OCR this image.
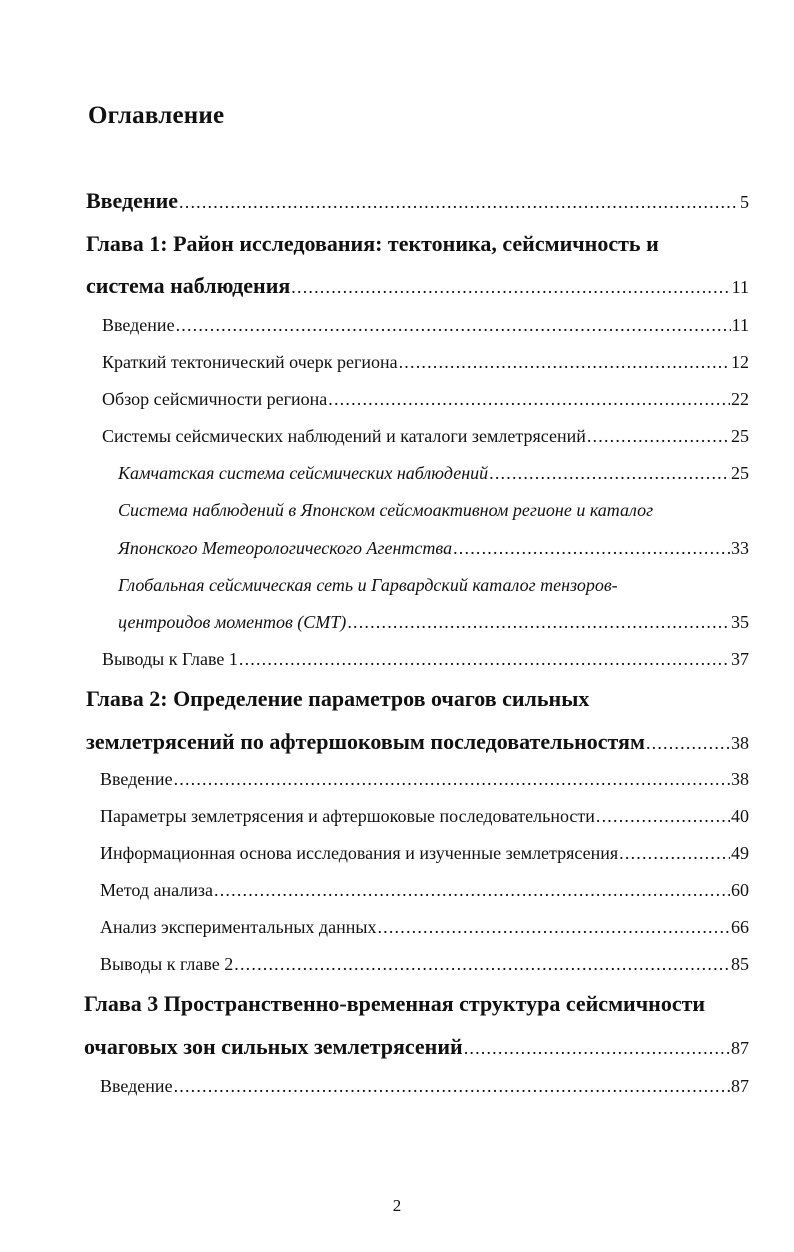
Оглавление
Введение .....	5
Глава 1: Район исследования: тектоника, сейсмичность и
система наблюдения .....	11
Введение .....	11
Краткий тектонический очерк региона .....	12
Обзор сейсмичности региона .....	22
Системы сейсмических наблюдений и каталоги землетрясений .....	25
Камчатская система сейсмических наблюдений .....	25
Система наблюдений в Японском сейсмоактивном регионе и каталог
Японского Метеорологического Агентства .....	33
Глобальная сейсмическая сеть и Гарвардский каталог тензоров-
центроидов моментов (СМТ) .....	35
Выводы к Главе 1 .....	37
Глава 2: Определение параметров очагов сильных
землетрясений по афтершоковым последовательностям .....	38
Введение .....	38
Параметры землетрясения и афтершоковые последовательности .....	40
Информационная основа исследования и изученные землетрясения .....	49
Метод анализа .....	60
Анализ экспериментальных данных .....	66
Выводы к главе 2 .....	85
Глава 3 Пространственно-временная структура сейсмичности
очаговых зон сильных землетрясений .....	87
Введение .....	87
2
